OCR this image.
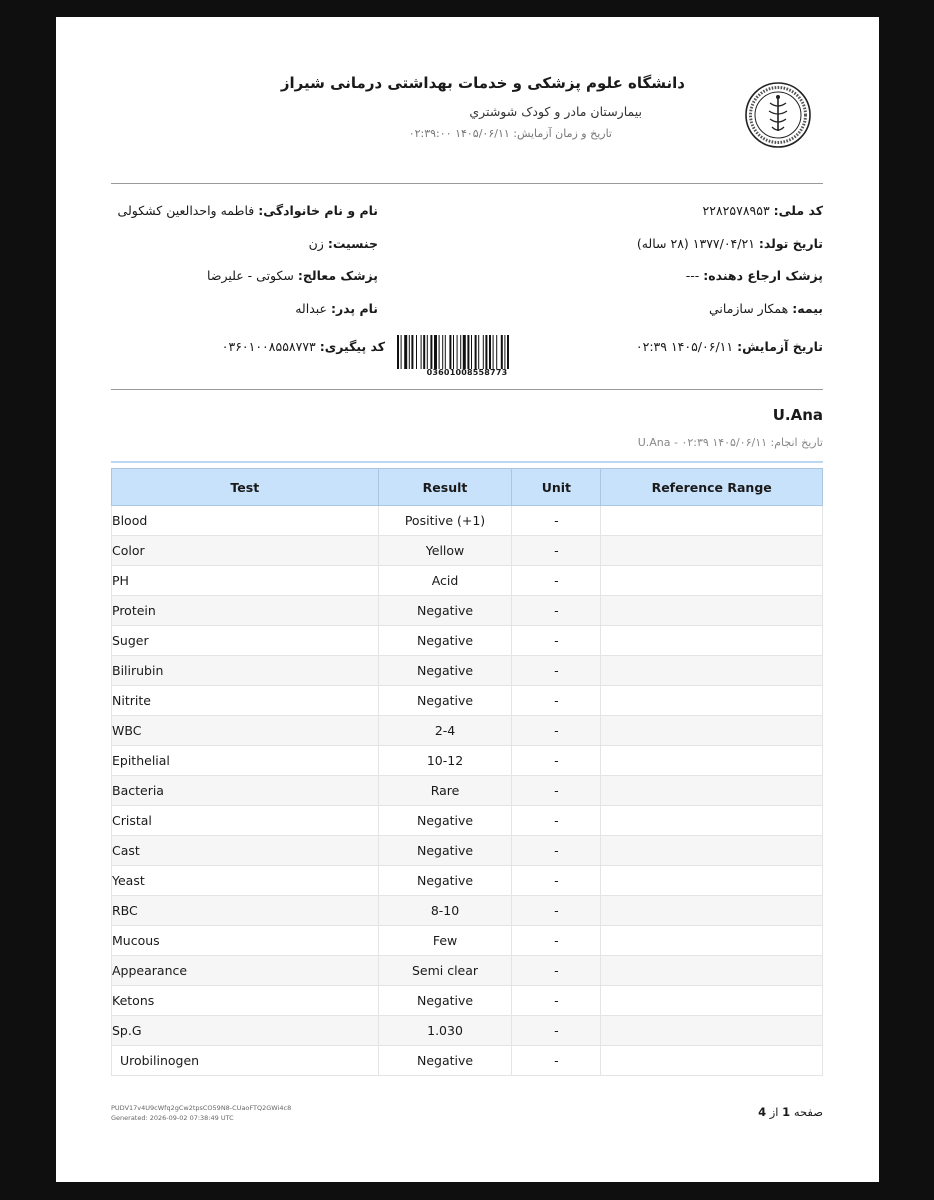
دانشگاه علوم پزشکی و خدمات بهداشتی درمانی شیراز
بیمارستان مادر و کودک شوشتري
تاریخ و زمان آزمایش: ۱۴۰۵/۰۶/۱۱ ۰۲:۳۹:۰۰
نام و نام خانوادگی: فاطمه واحدالعین کشکولی
جنسیت: زن
پزشک معالج: سکوتی - علیرضا
نام پدر: عبداله
کد ملی: ۲۲۸۲۵۷۸۹۵۳
تاریخ تولد: ۱۳۷۷/۰۴/۲۱ (۲۸ ساله)
پزشک ارجاع دهنده: ---
بیمه: همکار سازماني
کد پیگیری: ۰۳۶۰۱۰۰۸۵۵۸۷۷۳
03601008558773
تاریخ آزمایش: ۱۴۰۵/۰۶/۱۱ ۰۲:۳۹
U.Ana
تاریخ انجام: ۱۴۰۵/۰۶/۱۱ ۰۲:۳۹ - U.Ana
Test	Result	Unit	Reference Range
Blood	Positive (+1)	-	
Color	Yellow	-	
PH	Acid	-	
Protein	Negative	-	
Suger	Negative	-	
Bilirubin	Negative	-	
Nitrite	Negative	-	
WBC	2-4	-	
Epithelial	10-12	-	
Bacteria	Rare	-	
Cristal	Negative	-	
Cast	Negative	-	
Yeast	Negative	-	
RBC	8-10	-	
Mucous	Few	-	
Appearance	Semi clear	-	
Ketons	Negative	-	
Sp.G	1.030	-	
Urobilinogen	Negative	-	
PUDV17v4U9cWfq2gCw2tpsCO59N8-CUaoFTQ2GWi4c8
Generated: 2026-09-02 07:38:49 UTC	صفحه 1 از 4
